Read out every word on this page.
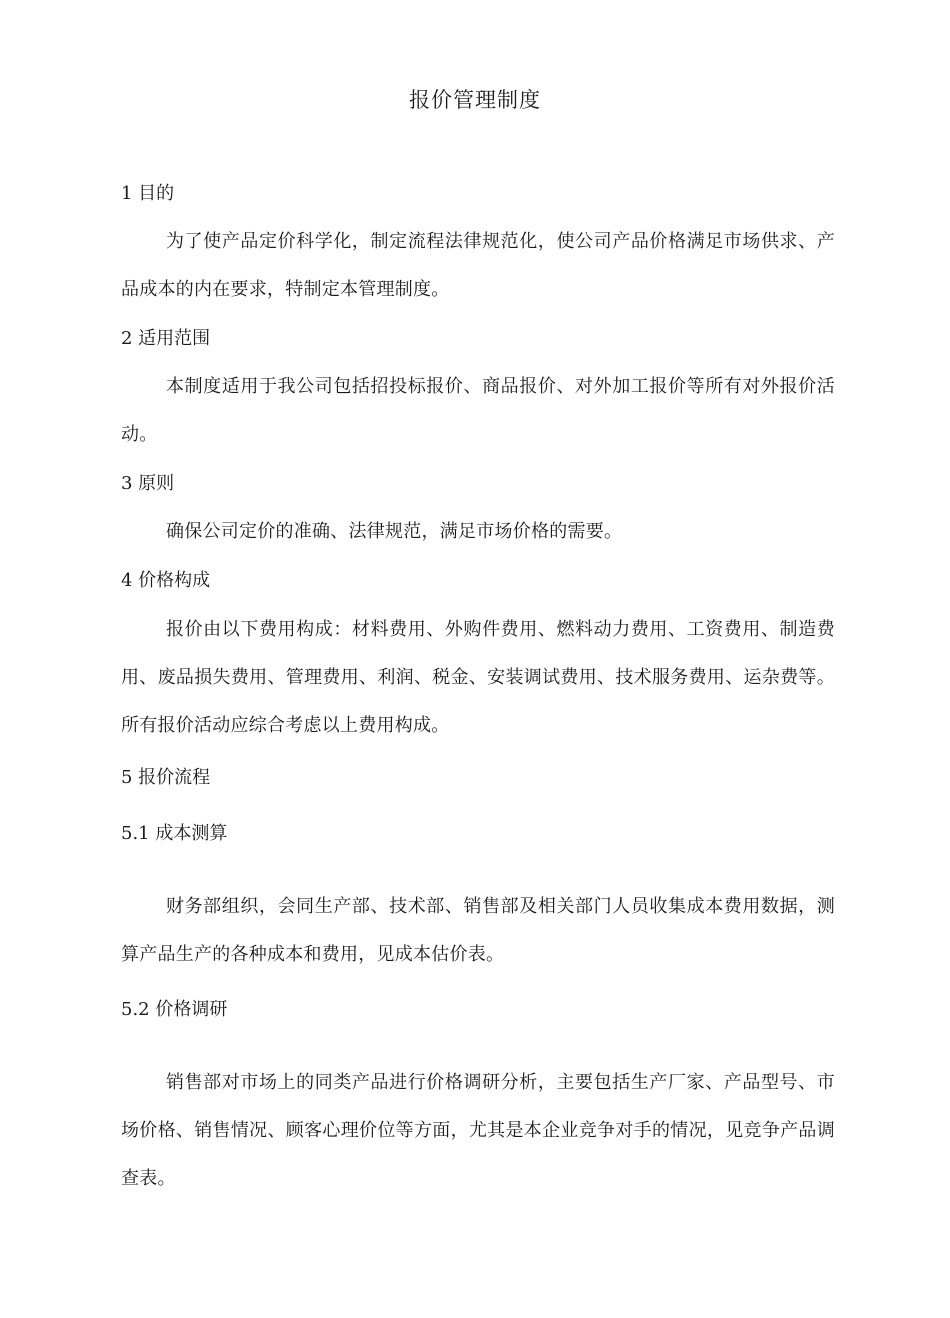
报价管理制度
1 目的

为了使产品定价科学化，制定流程法律规范化，使公司产品价格满足市场供求、产品成本的内在要求，特制定本管理制度。

2 适用范围

本制度适用于我公司包括招投标报价、商品报价、对外加工报价等所有对外报价活动。

3 原则

确保公司定价的准确、法律规范，满足市场价格的需要。

4 价格构成

报价由以下费用构成：材料费用、外购件费用、燃料动力费用、工资费用、制造费用、废品损失费用、管理费用、利润、税金、安装调试费用、技术服务费用、运杂费等。所有报价活动应综合考虑以上费用构成。

5 报价流程
5.1 成本测算

财务部组织，会同生产部、技术部、销售部及相关部门人员收集成本费用数据，测算产品生产的各种成本和费用，见成本估价表。

5.2 价格调研

销售部对市场上的同类产品进行价格调研分析，主要包括生产厂家、产品型号、市场价格、销售情况、顾客心理价位等方面，尤其是本企业竞争对手的情况，见竞争产品调查表。
